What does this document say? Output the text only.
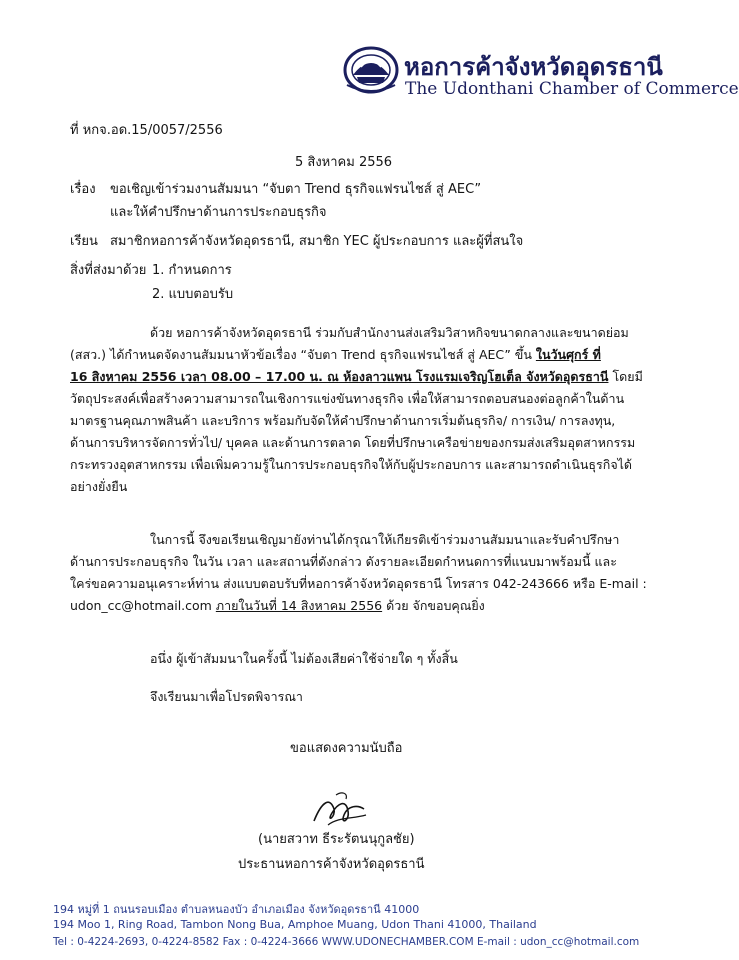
หอการค้าจังหวัดอุดรธานี
The Udonthani Chamber of Commerce
ที่ หกจ.อด.15/0057/2556
5 สิงหาคม 2556
เรื่อง ขอเชิญเข้าร่วมงานสัมมนา “จับตา Trend ธุรกิจแฟรนไชส์ สู่ AEC”
และให้คำปรึกษาด้านการประกอบธุรกิจ
เรียน สมาชิกหอการค้าจังหวัดอุดรธานี, สมาชิก YEC ผู้ประกอบการ และผู้ที่สนใจ
สิ่งที่ส่งมาด้วย 1. กำหนดการ
2. แบบตอบรับ
ด้วย หอการค้าจังหวัดอุดรธานี ร่วมกับสำนักงานส่งเสริมวิสาหกิจขนาดกลางและขนาดย่อม
(สสว.) ได้กำหนดจัดงานสัมมนาหัวข้อเรื่อง “จับตา Trend ธุรกิจแฟรนไชส์ สู่ AEC” ขึ้น ในวันศุกร์ ที่
16 สิงหาคม 2556 เวลา 08.00 – 17.00 น. ณ ห้องลาวแพน โรงแรมเจริญโฮเต็ล จังหวัดอุดรธานี โดยมี
วัตถุประสงค์เพื่อสร้างความสามารถในเชิงการแข่งขันทางธุรกิจ เพื่อให้สามารถตอบสนองต่อลูกค้าในด้าน
มาตรฐานคุณภาพสินค้า และบริการ พร้อมกับจัดให้คำปรึกษาด้านการเริ่มต้นธุรกิจ/ การเงิน/ การลงทุน,
ด้านการบริหารจัดการทั่วไป/ บุคคล และด้านการตลาด โดยที่ปรึกษาเครือข่ายของกรมส่งเสริมอุตสาหกรรม
กระทรวงอุตสาหกรรม เพื่อเพิ่มความรู้ในการประกอบธุรกิจให้กับผู้ประกอบการ และสามารถดำเนินธุรกิจได้
อย่างยั่งยืน
ในการนี้ จึงขอเรียนเชิญมายังท่านได้กรุณาให้เกียรติเข้าร่วมงานสัมมนาและรับคำปรึกษา
ด้านการประกอบธุรกิจ ในวัน เวลา และสถานที่ดังกล่าว ดังรายละเอียดกำหนดการที่แนบมาพร้อมนี้ และ
ใคร่ขอความอนุเคราะห์ท่าน ส่งแบบตอบรับที่หอการค้าจังหวัดอุดรธานี โทรสาร 042-243666 หรือ E-mail :
udon_cc@hotmail.com ภายในวันที่ 14 สิงหาคม 2556 ด้วย จักขอบคุณยิ่ง
อนึ่ง ผู้เข้าสัมมนาในครั้งนี้ ไม่ต้องเสียค่าใช้จ่ายใด ๆ ทั้งสิ้น
จึงเรียนมาเพื่อโปรดพิจารณา
ขอแสดงความนับถือ
(นายสวาท ธีระรัตนนุกูลชัย)
ประธานหอการค้าจังหวัดอุดรธานี
194 หมู่ที่ 1 ถนนรอบเมือง ตำบลหนองบัว อำเภอเมือง จังหวัดอุดรธานี 41000
194 Moo 1, Ring Road, Tambon Nong Bua, Amphoe Muang, Udon Thani 41000, Thailand
Tel : 0-4224-2693, 0-4224-8582 Fax : 0-4224-3666 WWW.UDONECHAMBER.COM E-mail : udon_cc@hotmail.com
